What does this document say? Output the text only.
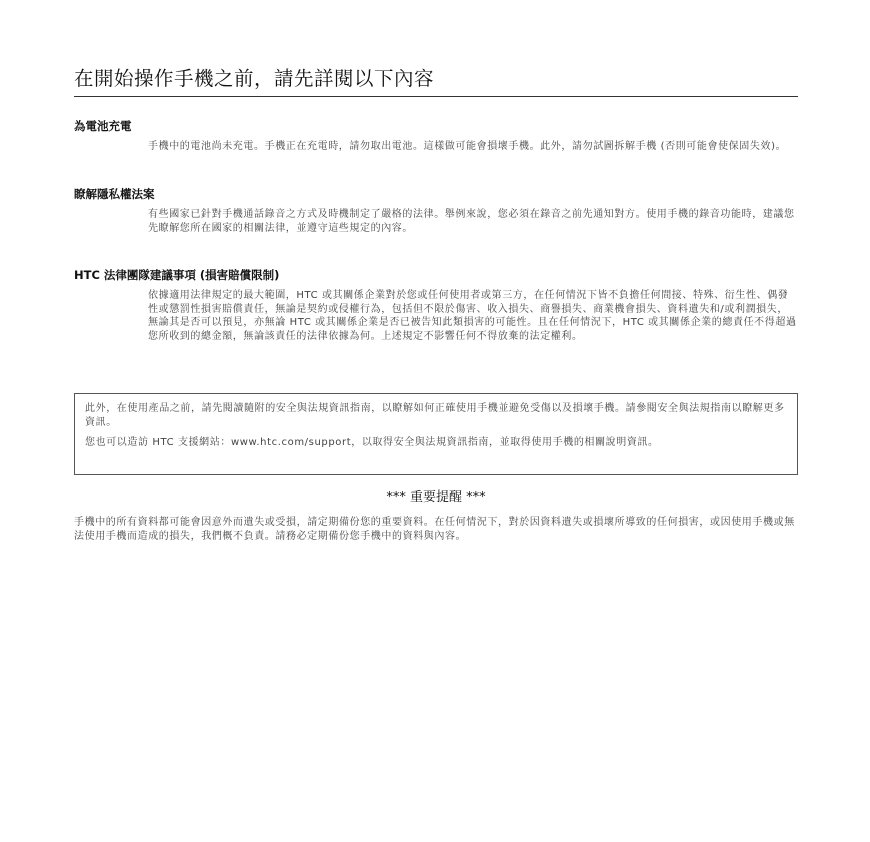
在開始操作手機之前，請先詳閱以下內容
為電池充電
手機中的電池尚未充電。手機正在充電時，請勿取出電池。這樣做可能會損壞手機。此外，請勿試圖拆解手機 (否則可能會使保固失效)。
瞭解隱私權法案
有些國家已針對手機通話錄音之方式及時機制定了嚴格的法律。舉例來說，您必須在錄音之前先通知對方。使用手機的錄音功能時，建議您先瞭解您所在國家的相關法律，並遵守這些規定的內容。
HTC 法律團隊建議事項 (損害賠償限制)
依據適用法律規定的最大範圍，HTC 或其關係企業對於您或任何使用者或第三方，在任何情況下皆不負擔任何間接、特殊、衍生性、偶發性或懲罰性損害賠償責任，無論是契約或侵權行為，包括但不限於傷害、收入損失、商譽損失、商業機會損失、資料遺失和/或利潤損失，無論其是否可以預見，亦無論 HTC 或其關係企業是否已被告知此類損害的可能性。且在任何情況下，HTC 或其關係企業的總責任不得超過您所收到的總金額，無論該責任的法律依據為何。上述規定不影響任何不得放棄的法定權利。

此外，在使用產品之前，請先閱讀隨附的安全與法規資訊指南，以瞭解如何正確使用手機並避免受傷以及損壞手機。請參閱安全與法規指南以瞭解更多資訊。

您也可以造訪 HTC 支援網站：www.htc.com/support，以取得安全與法規資訊指南，並取得使用手機的相關說明資訊。

*** 重要提醒 ***
手機中的所有資料都可能會因意外而遺失或受損，請定期備份您的重要資料。在任何情況下，對於因資料遺失或損壞所導致的任何損害，或因使用手機或無法使用手機而造成的損失，我們概不負責。請務必定期備份您手機中的資料與內容。
